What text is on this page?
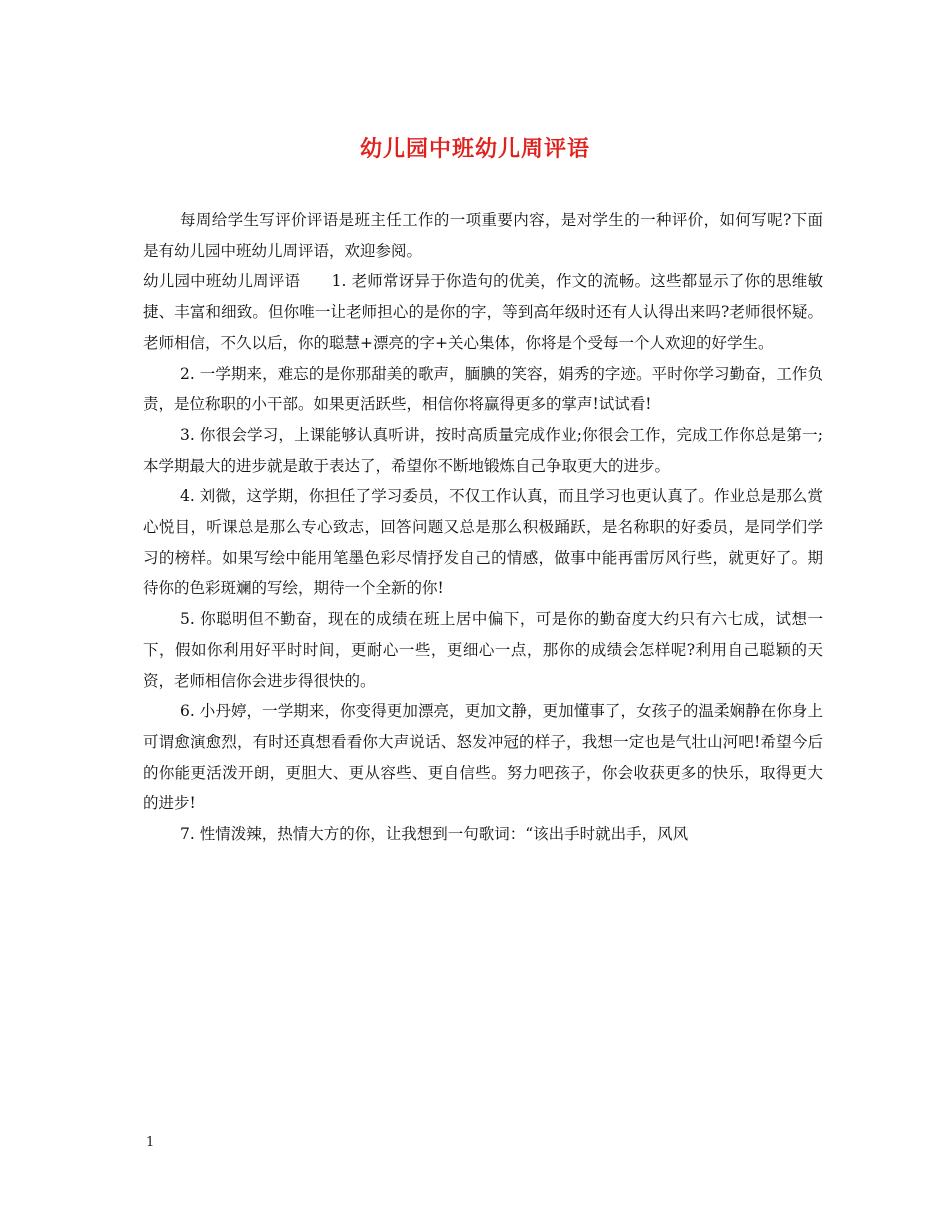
幼儿园中班幼儿周评语

每周给学生写评价评语是班主任工作的一项重要内容，是对学生的一种评价，如何写呢?下面是有幼儿园中班幼儿周评语，欢迎参阅。

幼儿园中班幼儿周评语　　1. 老师常讶异于你造句的优美，作文的流畅。这些都显示了你的思维敏捷、丰富和细致。但你唯一让老师担心的是你的字，等到高年级时还有人认得出来吗?老师很怀疑。老师相信，不久以后，你的聪慧+漂亮的字+关心集体，你将是个受每一个人欢迎的好学生。

2. 一学期来，难忘的是你那甜美的歌声，腼腆的笑容，娟秀的字迹。平时你学习勤奋，工作负责，是位称职的小干部。如果更活跃些，相信你将赢得更多的掌声!试试看!

3. 你很会学习，上课能够认真听讲，按时高质量完成作业;你很会工作，完成工作你总是第一;本学期最大的进步就是敢于表达了，希望你不断地锻炼自己争取更大的进步。

4. 刘微，这学期，你担任了学习委员，不仅工作认真，而且学习也更认真了。作业总是那么赏心悦目，听课总是那么专心致志，回答问题又总是那么积极踊跃，是名称职的好委员，是同学们学习的榜样。如果写绘中能用笔墨色彩尽情抒发自己的情感，做事中能再雷厉风行些，就更好了。期待你的色彩斑斓的写绘，期待一个全新的你!

5. 你聪明但不勤奋，现在的成绩在班上居中偏下，可是你的勤奋度大约只有六七成，试想一下，假如你利用好平时时间，更耐心一些，更细心一点，那你的成绩会怎样呢?利用自己聪颖的天资，老师相信你会进步得很快的。

6. 小丹婷，一学期来，你变得更加漂亮，更加文静，更加懂事了，女孩子的温柔娴静在你身上可谓愈演愈烈，有时还真想看看你大声说话、怒发冲冠的样子，我想一定也是气壮山河吧!希望今后的你能更活泼开朗，更胆大、更从容些、更自信些。努力吧孩子，你会收获更多的快乐，取得更大的进步!

7. 性情泼辣，热情大方的你，让我想到一句歌词：“该出手时就出手，风风

1
